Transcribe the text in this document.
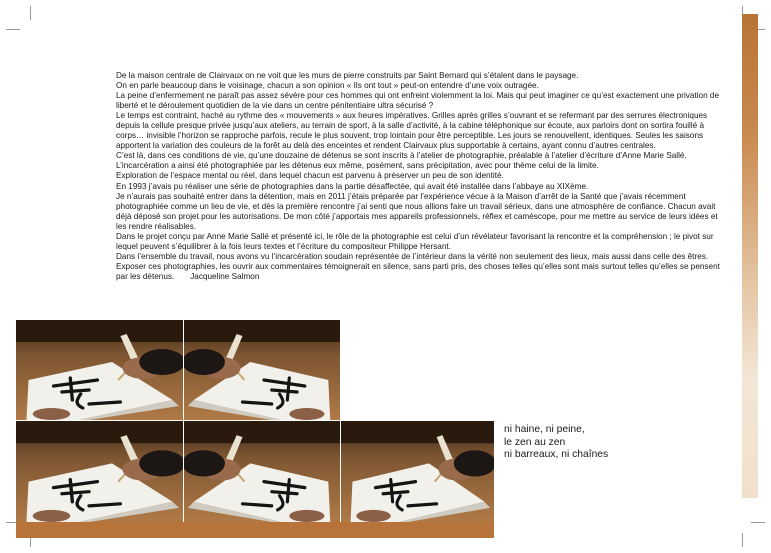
De la maison centrale de Clairvaux on ne voit que les murs de pierre construits par Saint Bernard qui s’étalent dans le paysage.

On en parle beaucoup dans le voisinage, chacun a son opinion « Ils ont tout » peut-on entendre d’une voix outragée.

La peine d’enfermement ne paraît pas assez sévère pour ces hommes qui ont enfreint violemment la loi. Mais qui peut imaginer ce qu’est exactement une privation de liberté et le déroulement quotidien de la vie dans un centre pénitentiaire ultra sécurisé ?

Le temps est contraint, haché au rythme des « mouvements » aux heures impératives. Grilles après grilles s’ouvrant et se refermant par des serrures électroniques depuis la cellule presque privée jusqu’aux ateliers, au terrain de sport, à la salle d’activité, à la cabine téléphonique sur écoute, aux parloirs dont on sortira fouillé à corps… invisible l’horizon se rapproche parfois, recule le plus souvent, trop lointain pour être perceptible. Les jours se renouvellent, identiques. Seules les saisons apportent la variation des couleurs de la forêt au delà des enceintes et rendent Clairvaux plus supportable à certains, ayant connu d’autres centrales.

C’est là, dans ces conditions de vie, qu’une douzaine de détenus se sont inscrits à l’atelier de photographie, préalable à l’atelier d’écriture d’Anne Marie Sallé.

L’incarcération a ainsi été photographiée par les détenus eux même, posément, sans précipitation, avec pour thème celui de la limite.

Exploration de l’espace mental ou réel, dans lequel chacun est parvenu à préserver un peu de son identité.

En 1993 j’avais pu réaliser une série de photographies dans la partie désaffectée, qui avait été installée dans l’abbaye au XIXème.

Je n’aurais pas souhaité entrer dans la détention, mais en 2011 j’étais préparée par l’expérience vécue à la Maison d’arrêt de la Santé que j’avais récemment photographiée comme un lieu de vie, et dès la première rencontre j’ai senti que nous allions faire un travail sérieux, dans une atmosphère de confiance. Chacun avait déjà déposé son projet pour les autorisations. De mon côté j’apportais mes appareils professionnels, réflex et caméscope, pour me mettre au service de leurs idées et les rendre réalisables.

Dans le projet conçu par Anne Marie Sallé et présenté ici, le rôle de la photographie est celui d’un révélateur favorisant la rencontre et la compréhension ; le pivot sur lequel peuvent s’équilibrer à la fois leurs textes et l’écriture du compositeur Philippe Hersant.

Dans l’ensemble du travail, nous avons vu l’incarcération soudain représentée de l’intérieur dans la vérité non seulement des lieux, mais aussi dans celle des êtres. Exposer ces photographies, les ouvrir aux commentaires témoignerait en silence, sans parti pris, des choses telles qu’elles sont mais surtout telles qu’elles se pensent par les détenus. Jacqueline Salmon

ni haine, ni peine,

le zen au zen

ni barreaux, ni chaînes
